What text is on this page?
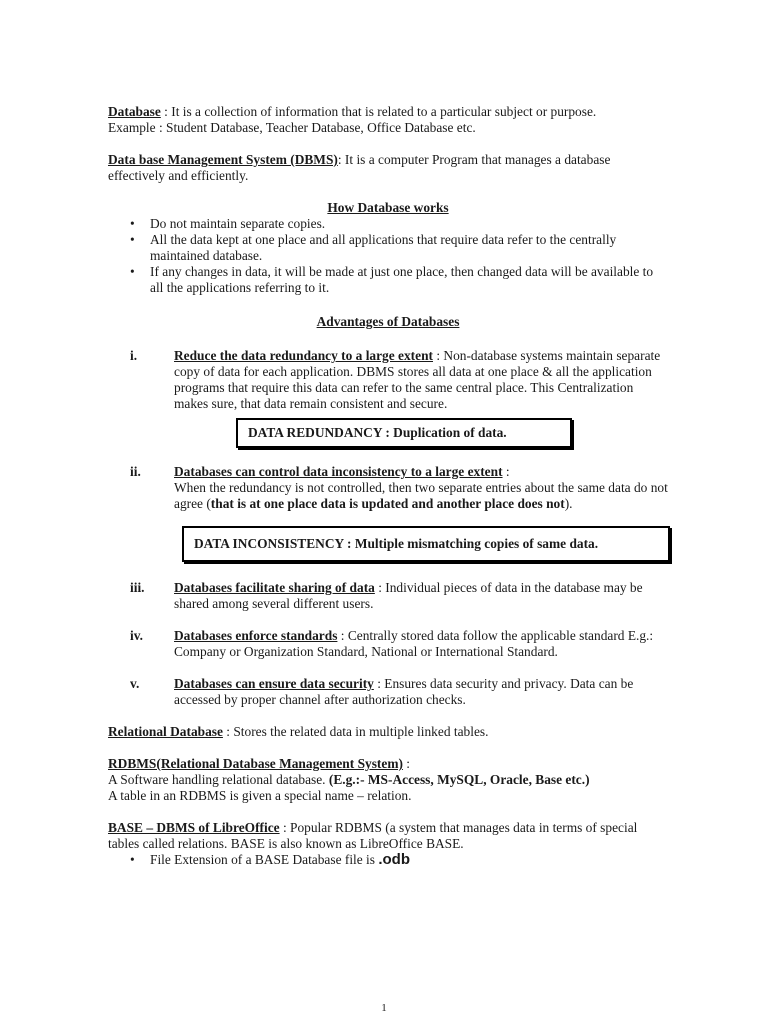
Database : It is a collection of information that is related to a particular subject or purpose.
Example : Student Database, Teacher Database, Office Database etc.

Data base Management System (DBMS): It is a computer Program that manages a database effectively and efficiently.

How Database works

• Do not maintain separate copies.
• All the data kept at one place and all applications that require data refer to the centrally maintained database.
• If any changes in data, it will be made at just one place, then changed data will be available to all the applications referring to it.

Advantages of Databases

i.	Reduce the data redundancy to a large extent : Non-database systems maintain separate copy of data for each application. DBMS stores all data at one place & all the application programs that require this data can refer to the same central place. This Centralization makes sure, that data remain consistent and secure.
DATA REDUNDANCY : Duplication of data.
ii. Databases can control data inconsistency to a large extent :
When the redundancy is not controlled, then two separate entries about the same data do not agree (that is at one place data is updated and another place does not).
DATA INCONSISTENCY : Multiple mismatching copies of same data.
iii. Databases facilitate sharing of data : Individual pieces of data in the database may be shared among several different users.
iv. Databases enforce standards : Centrally stored data follow the applicable standard E.g.: Company or Organization Standard, National or International Standard.
v.	Databases can ensure data security : Ensures data security and privacy. Data can be accessed by proper channel after authorization checks.

Relational Database : Stores the related data in multiple linked tables.

RDBMS(Relational Database Management System) :
A Software handling relational database. (E.g.:- MS-Access, MySQL, Oracle, Base etc.)
A table in an RDBMS is given a special name – relation.

BASE – DBMS of LibreOffice : Popular RDBMS (a system that manages data in terms of special tables called relations. BASE is also known as LibreOffice BASE.

• File Extension of a BASE Database file is .odb
1
